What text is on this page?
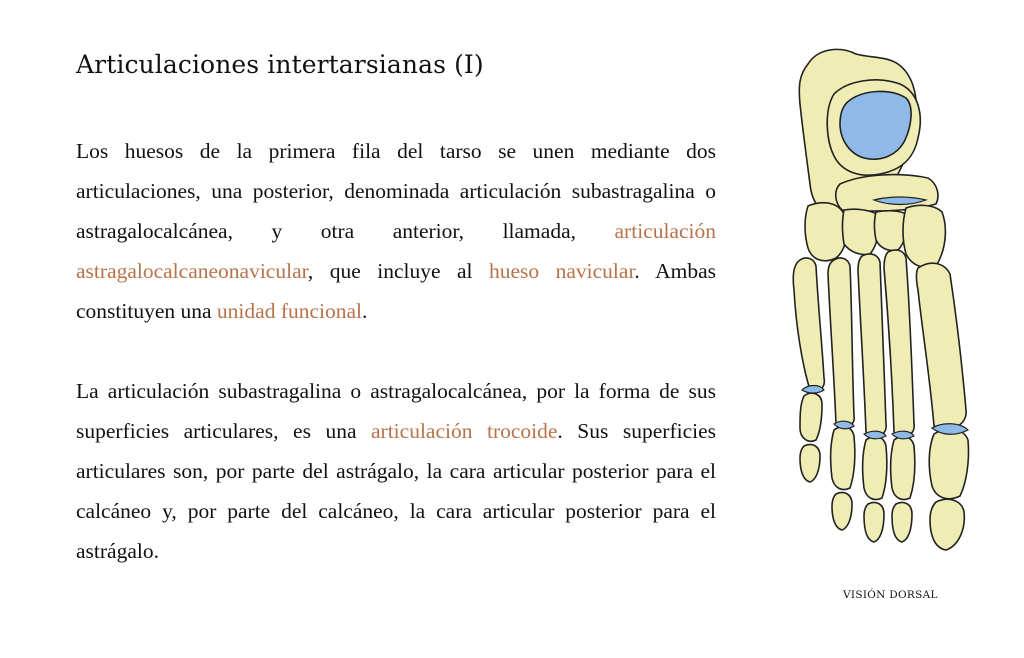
Articulaciones intertarsianas (I)

Los huesos de la primera fila del tarso se unen mediante dos articulaciones, una posterior, denominada articulación subastragalina o astragalocalcánea, y otra anterior, llamada, articulación astragalocalcaneonavicular, que incluye al hueso navicular. Ambas constituyen una unidad funcional.

La articulación subastragalina o astragalocalcánea, por la forma de sus superficies articulares, es una articulación trocoide. Sus superficies articulares son, por parte del astrágalo, la cara articular posterior para el calcáneo y, por parte del calcáneo, la cara articular posterior para el astrágalo.

VISIÓN DORSAL
